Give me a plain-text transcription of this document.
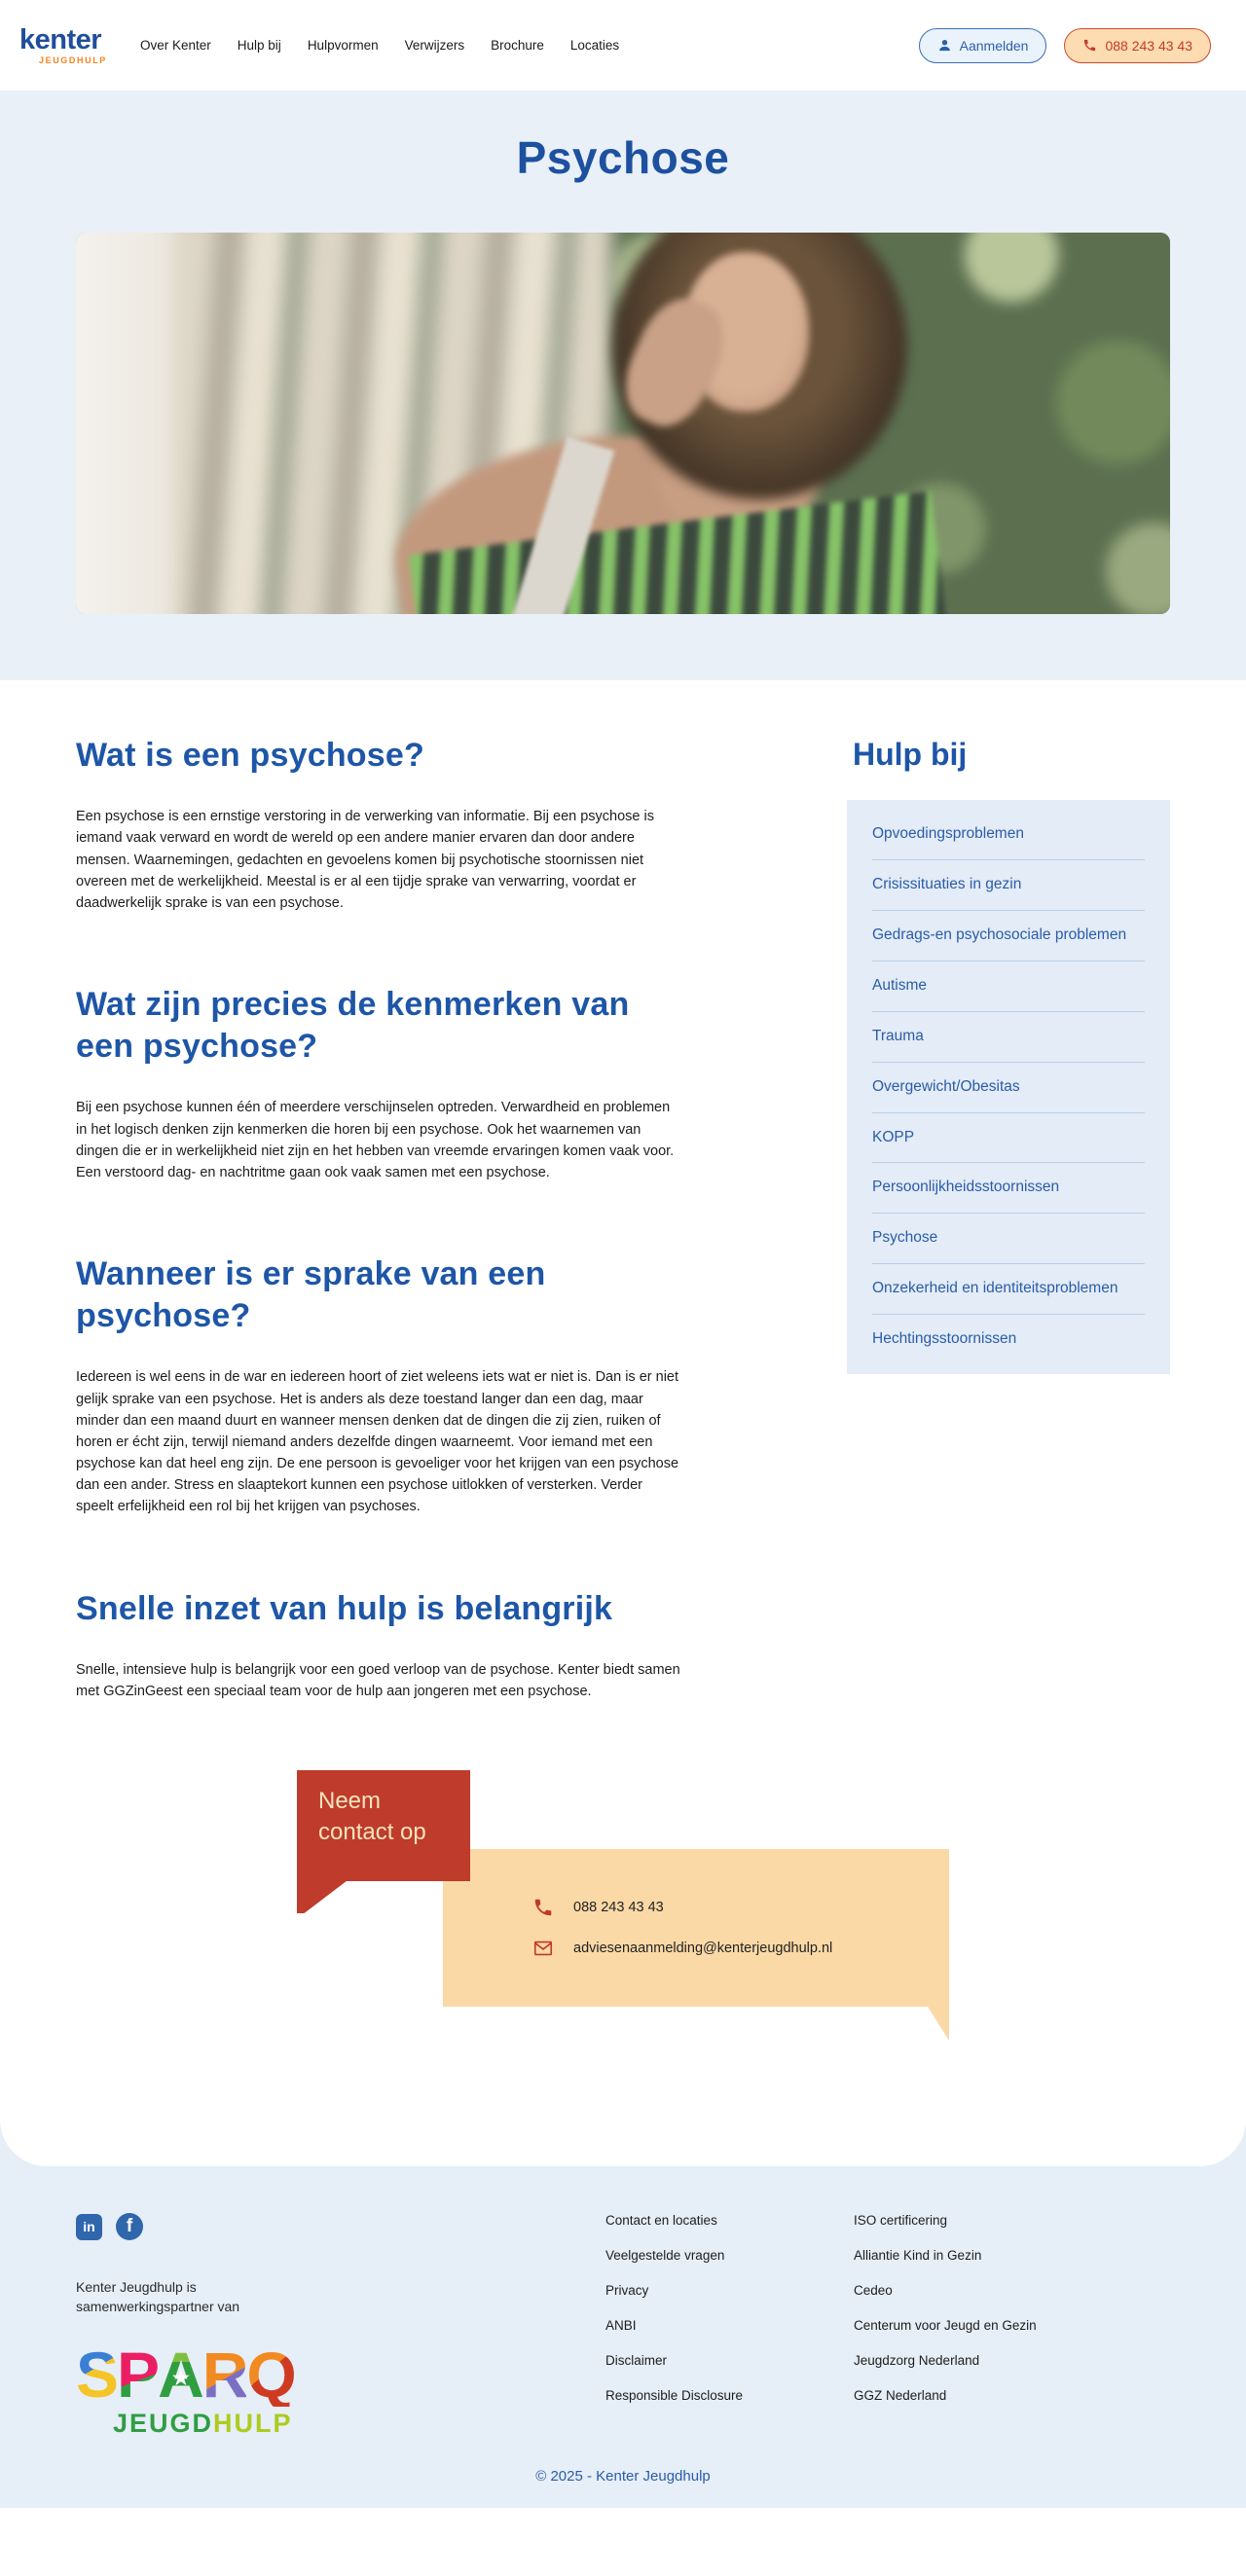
kenter
JEUGDHULP
Over Kenter Hulp bij Hulpvormen Verwijzers Brochure Locaties	Aanmelden	088 243 43 43
Psychose
Wat is een psychose?

Een psychose is een ernstige verstoring in de verwerking van informatie. Bij een psychose is iemand vaak verward en wordt de wereld op een andere manier ervaren dan door andere mensen. Waarnemingen, gedachten en gevoelens komen bij psychotische stoornissen niet overeen met de werkelijkheid. Meestal is er al een tijdje sprake van verwarring, voordat er daadwerkelijk sprake is van een psychose.

Wat zijn precies de kenmerken van een psychose?

Bij een psychose kunnen één of meerdere verschijnselen optreden. Verwardheid en problemen in het logisch denken zijn kenmerken die horen bij een psychose. Ook het waarnemen van dingen die er in werkelijkheid niet zijn en het hebben van vreemde ervaringen komen vaak voor. Een verstoord dag- en nachtritme gaan ook vaak samen met een psychose.

Wanneer is er sprake van een psychose?

Iedereen is wel eens in de war en iedereen hoort of ziet weleens iets wat er niet is. Dan is er niet gelijk sprake van een psychose. Het is anders als deze toestand langer dan een dag, maar minder dan een maand duurt en wanneer mensen denken dat de dingen die zij zien, ruiken of horen er écht zijn, terwijl niemand anders dezelfde dingen waarneemt. Voor iemand met een psychose kan dat heel eng zijn. De ene persoon is gevoeliger voor het krijgen van een psychose dan een ander. Stress en slaaptekort kunnen een psychose uitlokken of versterken. Verder speelt erfelijkheid een rol bij het krijgen van psychoses.

Snelle inzet van hulp is belangrijk

Snelle, intensieve hulp is belangrijk voor een goed verloop van de psychose. Kenter biedt samen met GGZinGeest een speciaal team voor de hulp aan jongeren met een psychose.

Neem contact op
088 243 43 43
adviesenaanmelding@kenterjeugdhulp.nl
Hulp bij
Opvoedingsproblemen
Crisissituaties in gezin
Gedrags-en psychosociale problemen
Autisme
Trauma
Overgewicht/Obesitas
KOPP
Persoonlijkheidsstoornissen
Psychose
Onzekerheid en identiteitsproblemen
Hechtingsstoornissen
in	f
Kenter Jeugdhulp is samenwerkingspartner van
S P A
★ R Q
JEUGDHULP
Contact en locaties
Veelgestelde vragen
Privacy
ANBI
Disclaimer
Responsible Disclosure
ISO certificering
Alliantie Kind in Gezin
Cedeo
Centerum voor Jeugd en Gezin
Jeugdzorg Nederland
GGZ Nederland
© 2025 - Kenter Jeugdhulp
